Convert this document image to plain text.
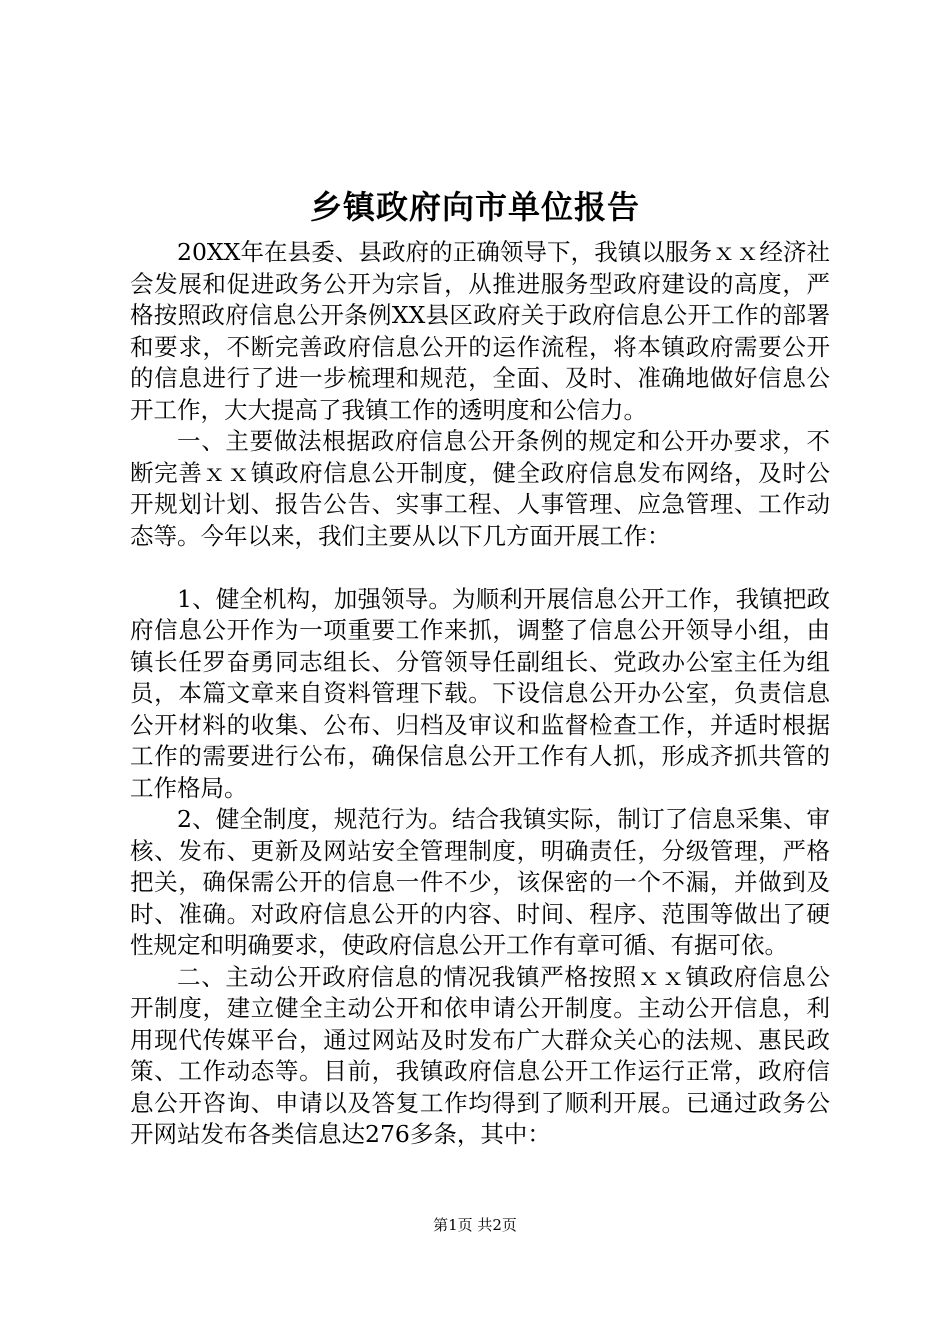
乡镇政府向市单位报告

20XX年在县委、县政府的正确领导下，我镇以服务ｘｘ经济社会发展和促进政务公开为宗旨，从推进服务型政府建设的高度，严格按照政府信息公开条例XX县区政府关于政府信息公开工作的部署和要求，不断完善政府信息公开的运作流程，将本镇政府需要公开的信息进行了进一步梳理和规范，全面、及时、准确地做好信息公开工作，大大提高了我镇工作的透明度和公信力。

一、主要做法根据政府信息公开条例的规定和公开办要求，不断完善ｘｘ镇政府信息公开制度，健全政府信息发布网络，及时公开规划计划、报告公告、实事工程、人事管理、应急管理、工作动态等。今年以来，我们主要从以下几方面开展工作：

1、健全机构，加强领导。为顺利开展信息公开工作，我镇把政府信息公开作为一项重要工作来抓，调整了信息公开领导小组，由镇长任罗奋勇同志组长、分管领导任副组长、党政办公室主任为组员，本篇文章来自资料管理下载。下设信息公开办公室，负责信息公开材料的收集、公布、归档及审议和监督检查工作，并适时根据工作的需要进行公布，确保信息公开工作有人抓，形成齐抓共管的工作格局。

2、健全制度，规范行为。结合我镇实际，制订了信息采集、审核、发布、更新及网站安全管理制度，明确责任，分级管理，严格把关，确保需公开的信息一件不少，该保密的一个不漏，并做到及时、准确。对政府信息公开的内容、时间、程序、范围等做出了硬性规定和明确要求，使政府信息公开工作有章可循、有据可依。

二、主动公开政府信息的情况我镇严格按照ｘｘ镇政府信息公开制度，建立健全主动公开和依申请公开制度。主动公开信息，利用现代传媒平台，通过网站及时发布广大群众关心的法规、惠民政策、工作动态等。目前，我镇政府信息公开工作运行正常，政府信息公开咨询、申请以及答复工作均得到了顺利开展。已通过政务公开网站发布各类信息达276多条，其中：

第1页 共2页
